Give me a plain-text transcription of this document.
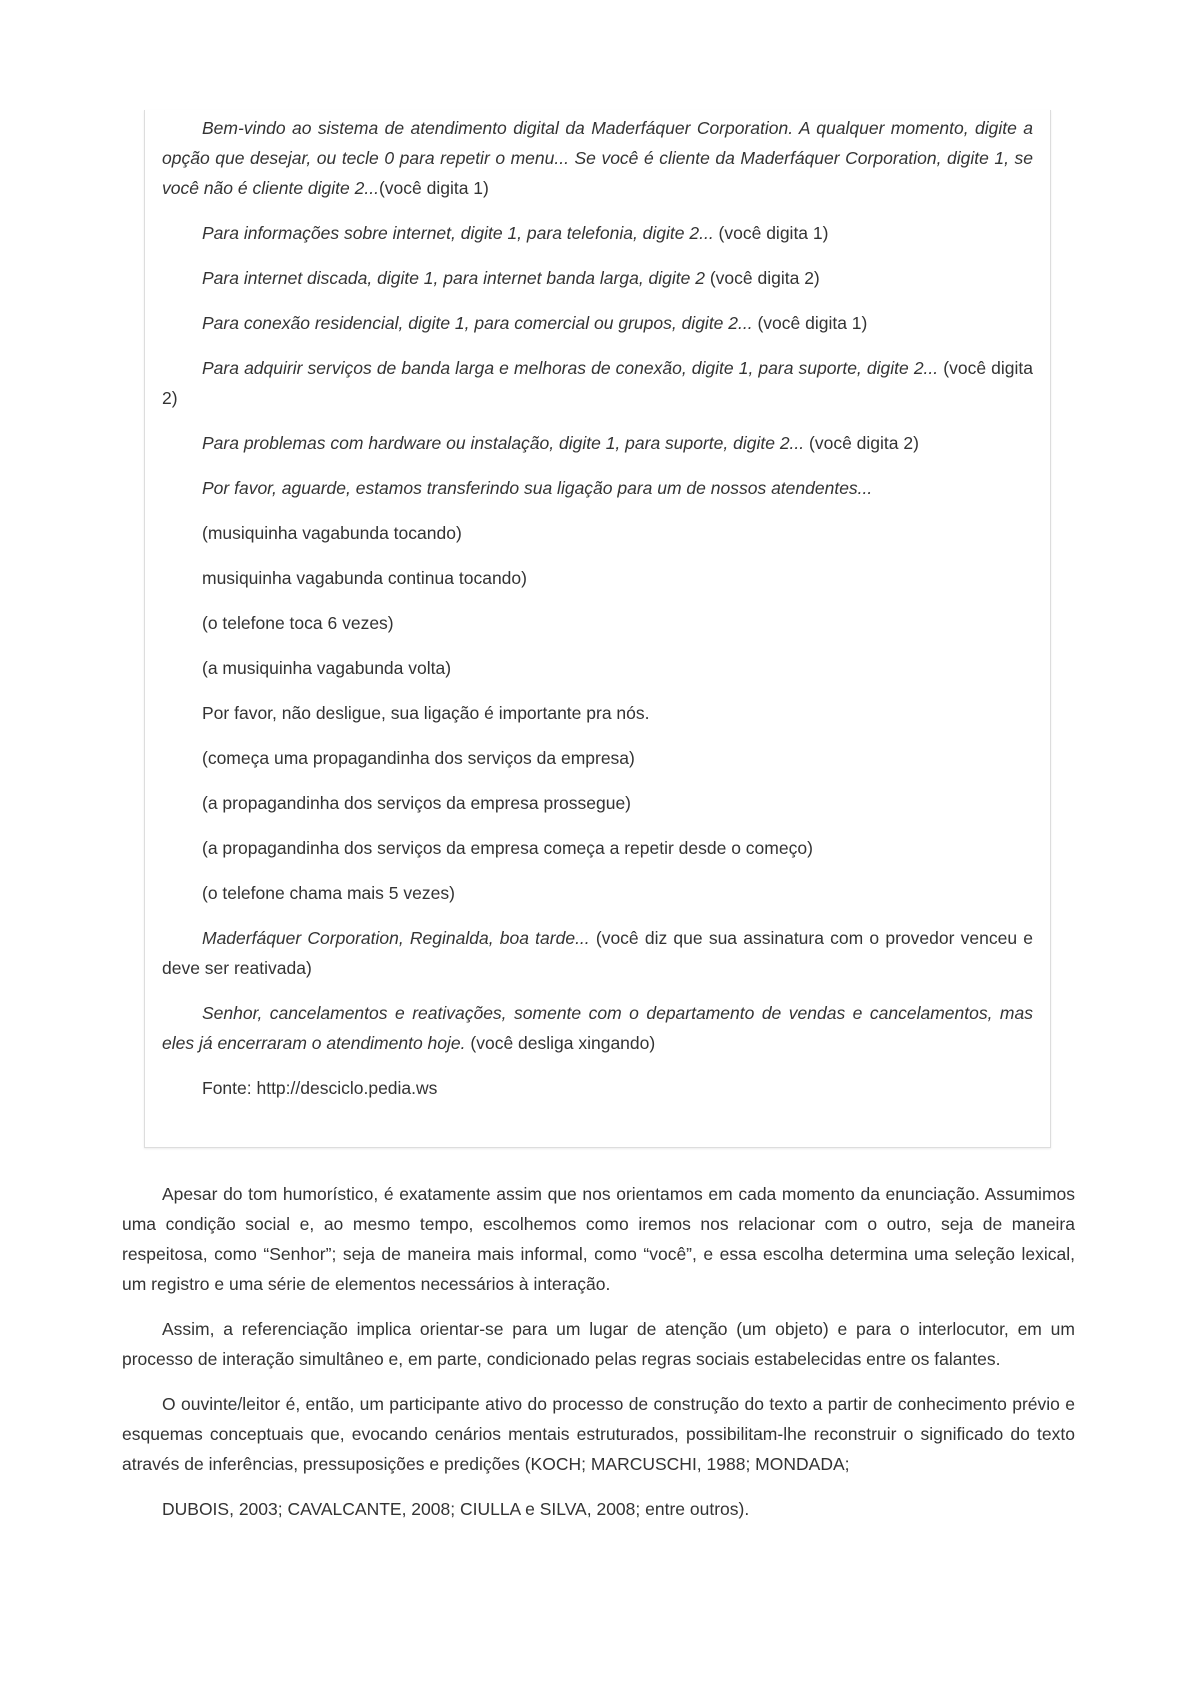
Bem-vindo ao sistema de atendimento digital da Maderfáquer Corporation. A qualquer momento, digite a opção que desejar, ou tecle 0 para repetir o menu... Se você é cliente da Maderfáquer Corporation, digite 1, se você não é cliente digite 2...(você digita 1)

Para informações sobre internet, digite 1, para telefonia, digite 2... (você digita 1)

Para internet discada, digite 1, para internet banda larga, digite 2 (você digita 2)

Para conexão residencial, digite 1, para comercial ou grupos, digite 2... (você digita 1)

Para adquirir serviços de banda larga e melhoras de conexão, digite 1, para suporte, digite 2... (você digita 2)

Para problemas com hardware ou instalação, digite 1, para suporte, digite 2... (você digita 2)

Por favor, aguarde, estamos transferindo sua ligação para um de nossos atendentes...

(musiquinha vagabunda tocando)

musiquinha vagabunda continua tocando)

(o telefone toca 6 vezes)

(a musiquinha vagabunda volta)

Por favor, não desligue, sua ligação é importante pra nós.

(começa uma propagandinha dos serviços da empresa)

(a propagandinha dos serviços da empresa prossegue)

(a propagandinha dos serviços da empresa começa a repetir desde o começo)

(o telefone chama mais 5 vezes)

Maderfáquer Corporation, Reginalda, boa tarde... (você diz que sua assinatura com o provedor venceu e deve ser reativada)

Senhor, cancelamentos e reativações, somente com o departamento de vendas e cancelamentos, mas eles já encerraram o atendimento hoje. (você desliga xingando)

Fonte: http://desciclo.pedia.ws

Apesar do tom humorístico, é exatamente assim que nos orientamos em cada momento da enunciação. Assumimos uma condição social e, ao mesmo tempo, escolhemos como iremos nos relacionar com o outro, seja de maneira respeitosa, como “Senhor”; seja de maneira mais informal, como “você”, e essa escolha determina uma seleção lexical, um registro e uma série de elementos necessários à interação.

Assim, a referenciação implica orientar-se para um lugar de atenção (um objeto) e para o interlocutor, em um processo de interação simultâneo e, em parte, condicionado pelas regras sociais estabelecidas entre os falantes.

O ouvinte/leitor é, então, um participante ativo do processo de construção do texto a partir de conhecimento prévio e esquemas conceptuais que, evocando cenários mentais estruturados, possibilitam-lhe reconstruir o significado do texto através de inferências, pressuposições e predições (KOCH; MARCUSCHI, 1988; MONDADA;

DUBOIS, 2003; CAVALCANTE, 2008; CIULLA e SILVA, 2008; entre outros).
